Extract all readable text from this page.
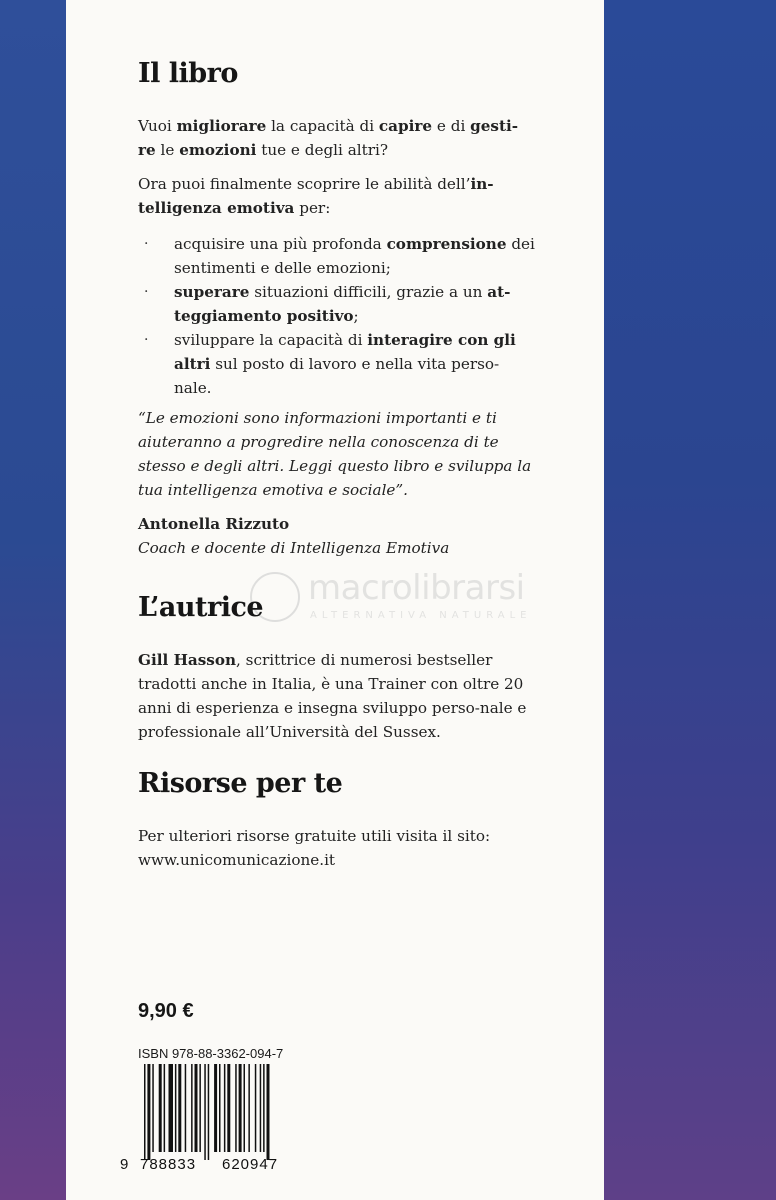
Il libro

Vuoi migliorare la capacità di capire e di gesti-
re le emozioni tue e degli altri?

Ora puoi finalmente scoprire le abilità dell’in-
telligenza emotiva per:

· acquisire una più profonda comprensione dei sentimenti e delle emozioni;
· superare situazioni difficili, grazie a un at-
teggiamento positivo;
· sviluppare la capacità di interagire con gli
altri sul posto di lavoro e nella vita perso-
nale.

“Le emozioni sono informazioni importanti e ti aiuteranno a progredire nella conoscenza di te stesso e degli altri. Leggi questo libro e sviluppa la tua intelligenza emotiva e sociale”.

Antonella Rizzuto

Coach e docente di Intelligenza Emotiva

macrolibrarsi
ALTERNATIVA NATURALE
L’autrice

Gill Hasson, scrittrice di numerosi bestseller tradotti anche in Italia, è una Trainer con oltre 20 anni di esperienza e insegna sviluppo perso-nale e professionale all’Università del Sussex.

Risorse per te

Per ulteriori risorse gratuite utili visita il sito:
www.unicomunicazione.it

9,90 €

ISBN 978-88-3362-094-7

9 788833 620947
